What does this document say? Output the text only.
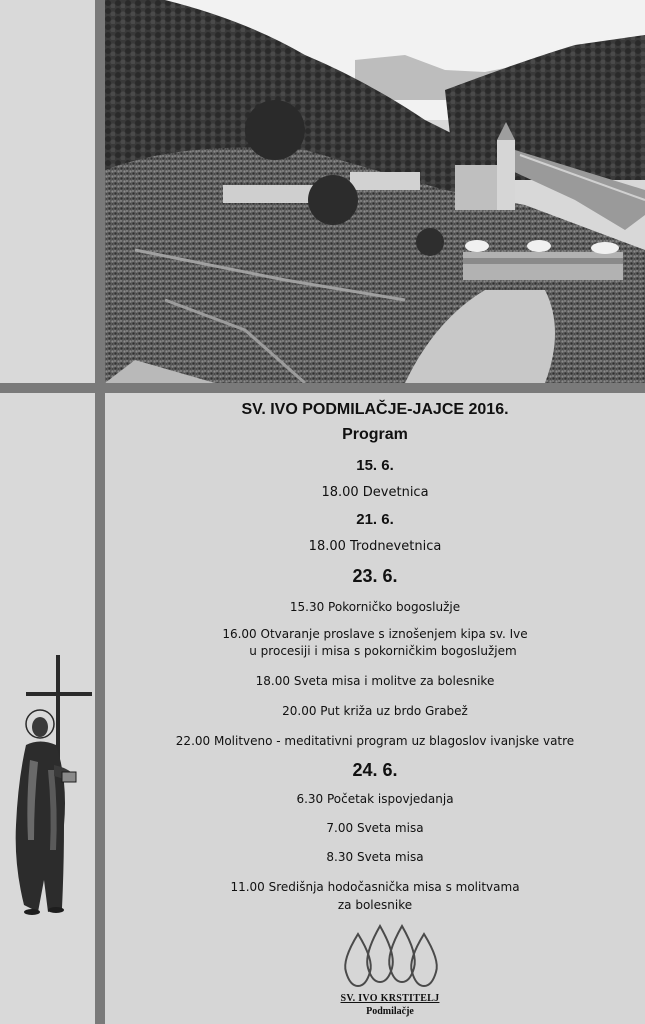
SV. IVO PODMILAČJE-JAJCE 2016.
Program
15. 6.
18.00 Devetnica
21. 6.
18.00 Trodnevetnica
23. 6.
15.30 Pokorničko bogoslužje
16.00 Otvaranje proslave s iznošenjem kipa sv. Ive
u procesiji i misa s pokorničkim bogoslužjem
18.00 Sveta misa i molitve za bolesnike
20.00 Put križa uz brdo Grabež
22.00 Molitveno - meditativni program uz blagoslov ivanjske vatre
24. 6.
6.30 Početak ispovjedanja
7.00 Sveta misa
8.30 Sveta misa
11.00 Središnja hodočasnička misa s molitvama
za bolesnike
SV. IVO KRSTITELJ
Podmilačje
